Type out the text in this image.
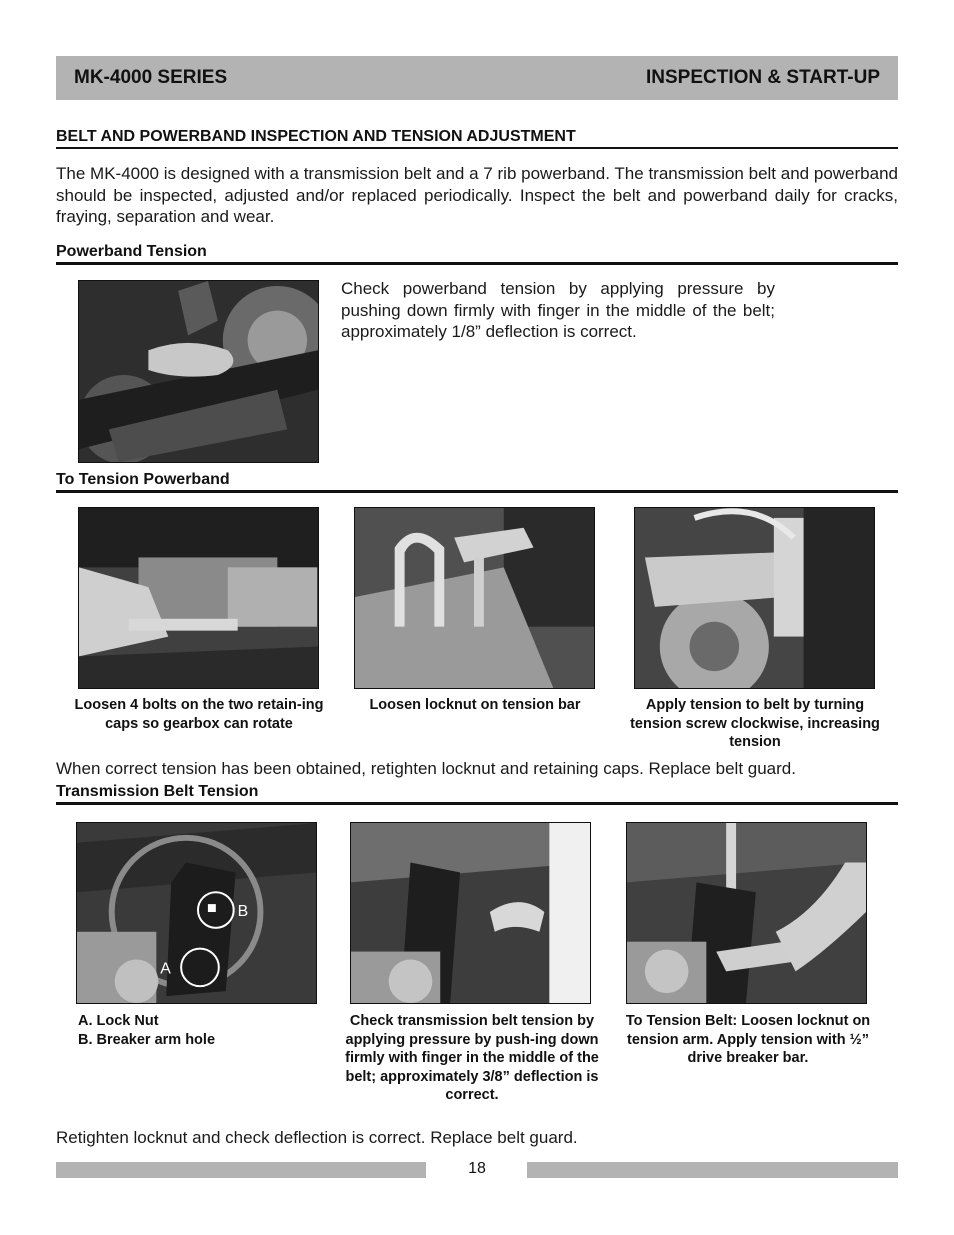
MK-4000 SERIES	INSPECTION & START-UP
BELT AND POWERBAND INSPECTION AND TENSION ADJUSTMENT
The MK-4000 is designed with a transmission belt and a 7 rib powerband. The transmission belt and powerband should be inspected, adjusted and/or replaced periodically. Inspect the belt and powerband daily for cracks, fraying, separation and wear.
Powerband Tension
Check powerband tension by applying pressure by pushing down firmly with finger in the middle of the belt; approximately 1/8” deflection is correct.
To Tension Powerband
Loosen 4 bolts on the two retain-ing caps so gearbox can rotate
Loosen locknut on tension bar	Apply tension to belt by turning tension screw clockwise, increasing tension
When correct tension has been obtained, retighten locknut and retaining caps. Replace belt guard.
Transmission Belt Tension
B
A
A. Lock Nut
B. Breaker arm hole
Check transmission belt tension by applying pressure by push-ing down firmly with finger in the middle of the belt; approximately 3/8” deflection is correct.
To Tension Belt: Loosen locknut on tension arm. Apply tension with ½” drive breaker bar.
Retighten locknut and check deflection is correct. Replace belt guard.
18
